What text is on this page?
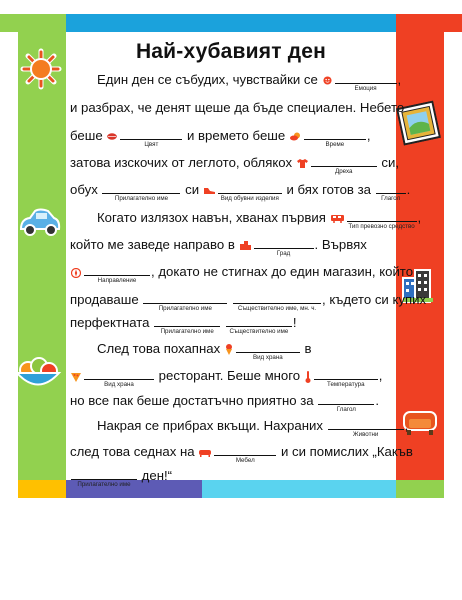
Най-хубавият ден
Един ден се събудих, чувствайки се
Емоция
,
и разбрах, че денят щеше да бъде специален. Небето
беше
Цвят
и времето беше
Време
,
затова изскочих от леглото, облякох
Дреха
си,
обух
Прилагателно име
си
Вид обувни изделия
и бях готов за
Глагол
.
Когато излязох навън, хванах първия
Тип превозно средство
,
който ме заведе направо в
Град
. Вървях
Направление
, докато не стигнах до един магазин, който
продаваше
Прилагателно име
	Съществително име, мн. ч.
, където си купих
перфектната
Прилагателно име
	Съществително име
!
След това похапнах
Вид храна
в
Вид храна
ресторант. Беше много
Температура
,
но все пак беше достатъчно приятно за
Глагол
.
Накрая се прибрах вкъщи. Нахраних
Животни
,
след това седнах на
Мебел
и си помислих „Какъв
Прилагателно име
ден!“
